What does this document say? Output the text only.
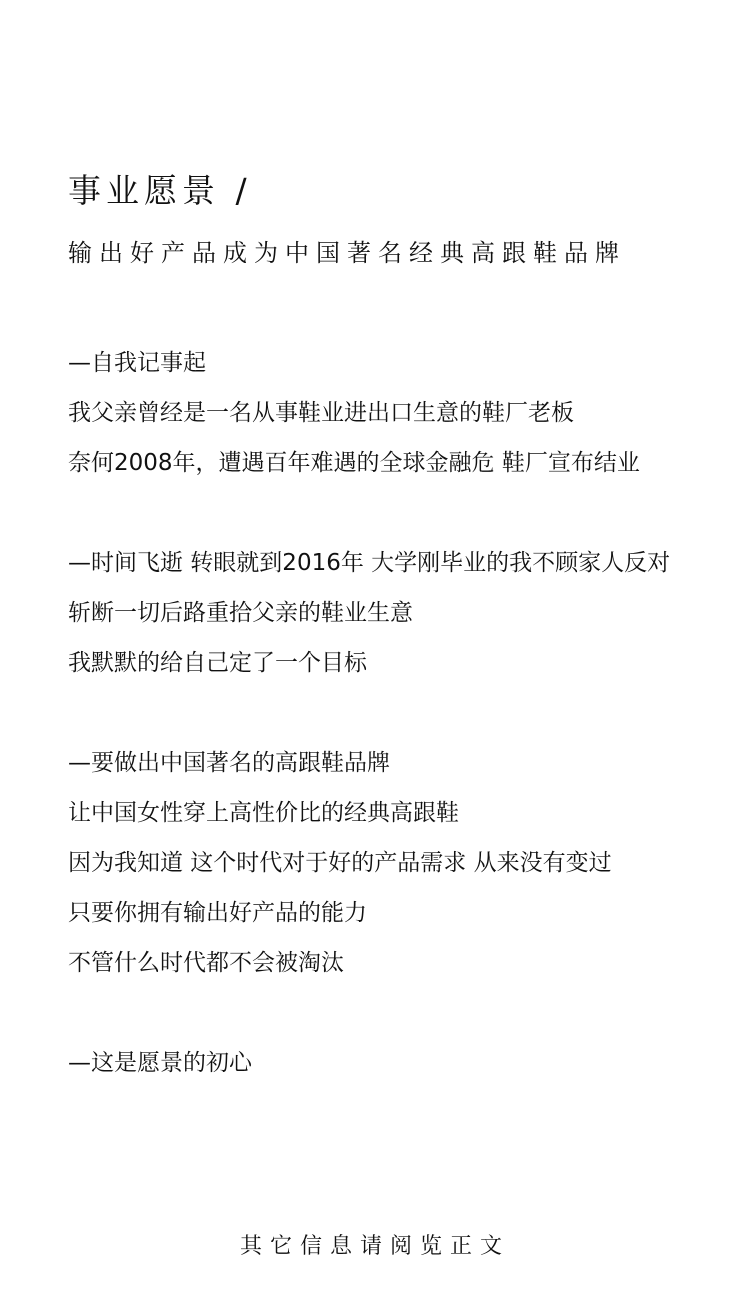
事业愿景 /
输出好产品成为中国著名经典高跟鞋品牌
—自我记事起
我父亲曾经是一名从事鞋业进出口生意的鞋厂老板
奈何2008年，遭遇百年难遇的全球金融危 鞋厂宣布结业
—时间飞逝 转眼就到2016年 大学刚毕业的我不顾家人反对
斩断一切后路重拾父亲的鞋业生意
我默默的给自己定了一个目标
—要做出中国著名的高跟鞋品牌
让中国女性穿上高性价比的经典高跟鞋
因为我知道 这个时代对于好的产品需求 从来没有变过
只要你拥有输出好产品的能力
不管什么时代都不会被淘汰
—这是愿景的初心
其它信息请阅览正文
